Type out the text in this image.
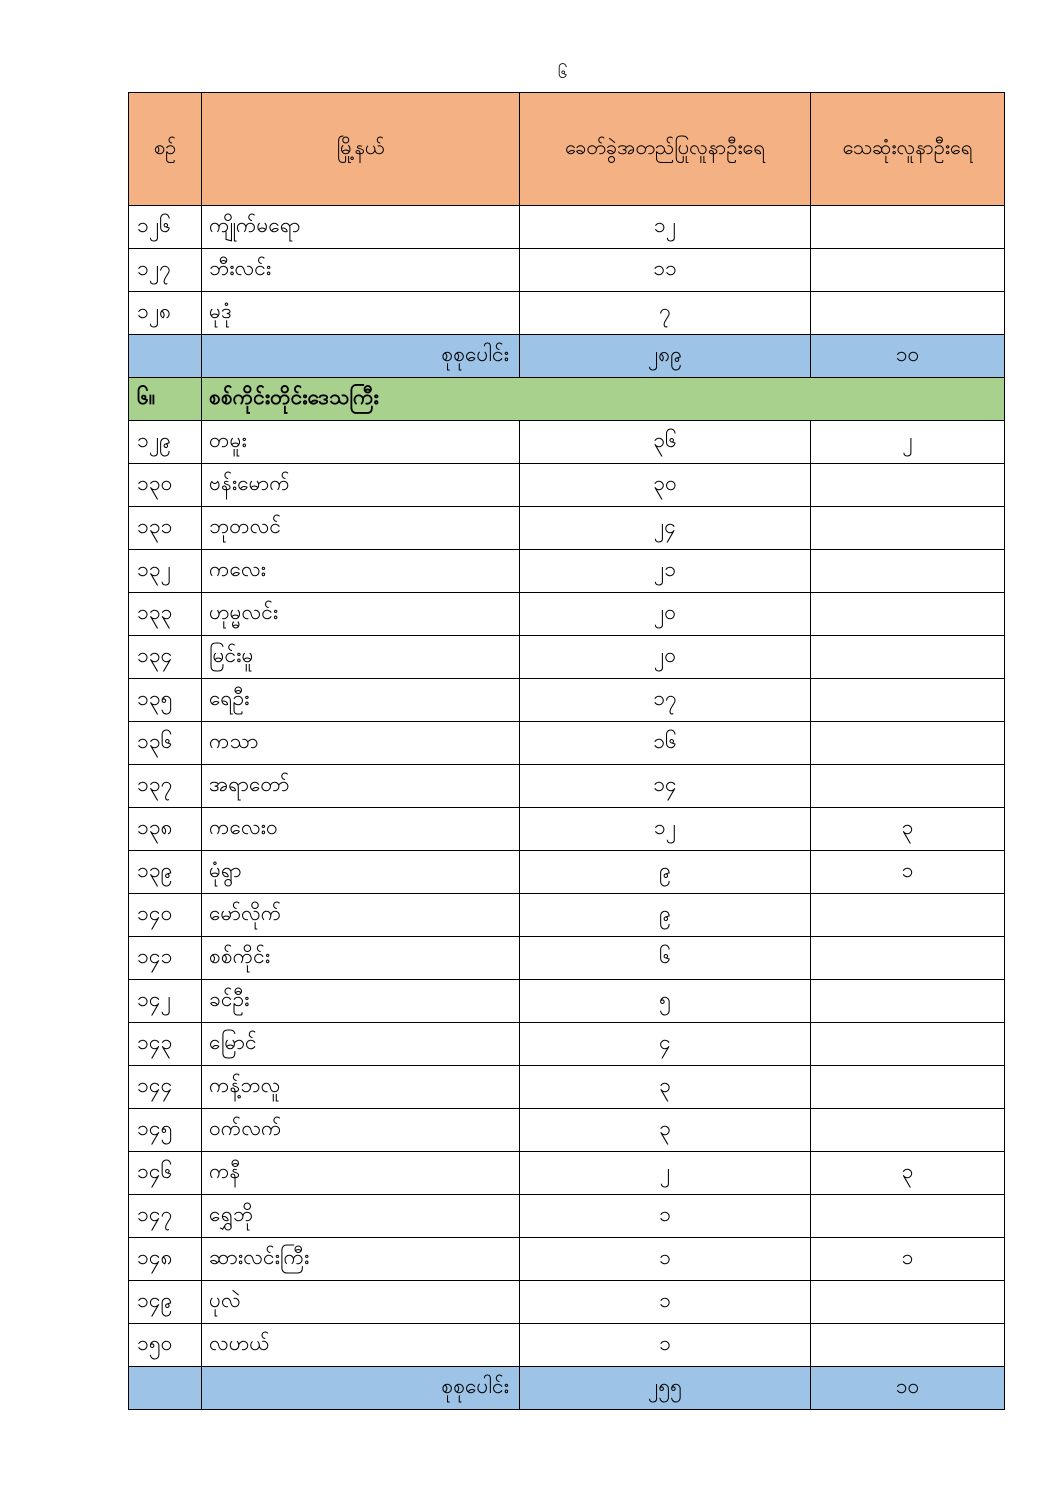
၆
စဉ်	မြို့နယ်	ခေတ်ခွဲအတည်ပြုလူနာဦးရေ	သေဆုံးလူနာဦးရေ
၁၂၆	ကျိုက်မရော	၁၂	
၁၂၇	ဘီးလင်း	၁၁	
၁၂၈	မုဒုံ	၇	
	စုစုပေါင်း	၂၈၉	၁၀
၆။	စစ်ကိုင်းတိုင်းဒေသကြီး		
၁၂၉	တမူး	၃၆	၂
၁၃၀	ဗန်းမောက်	၃၀	
၁၃၁	ဘုတလင်	၂၄	
၁၃၂	ကလေး	၂၁	
၁၃၃	ဟုမ္မလင်း	၂၀	
၁၃၄	မြင်းမူ	၂၀	
၁၃၅	ရေဦး	၁၇	
၁၃၆	ကသာ	၁၆	
၁၃၇	အရာတော်	၁၄	
၁၃၈	ကလေးဝ	၁၂	၃
၁၃၉	မုံရွာ	၉	၁
၁၄၀	မော်လိုက်	၉	
၁၄၁	စစ်ကိုင်း	၆	
၁၄၂	ခင်ဦး	၅	
၁၄၃	မြောင်	၄	
၁၄၄	ကန့်ဘလူ	၃	
၁၄၅	ဝက်လက်	၃	
၁၄၆	ကနီ	၂	၃
၁၄၇	ရွှေဘို	၁	
၁၄၈	ဆားလင်းကြီး	၁	၁
၁၄၉	ပုလဲ	၁	
၁၅၀	လဟယ်	၁	
	စုစုပေါင်း	၂၅၅	၁၀
